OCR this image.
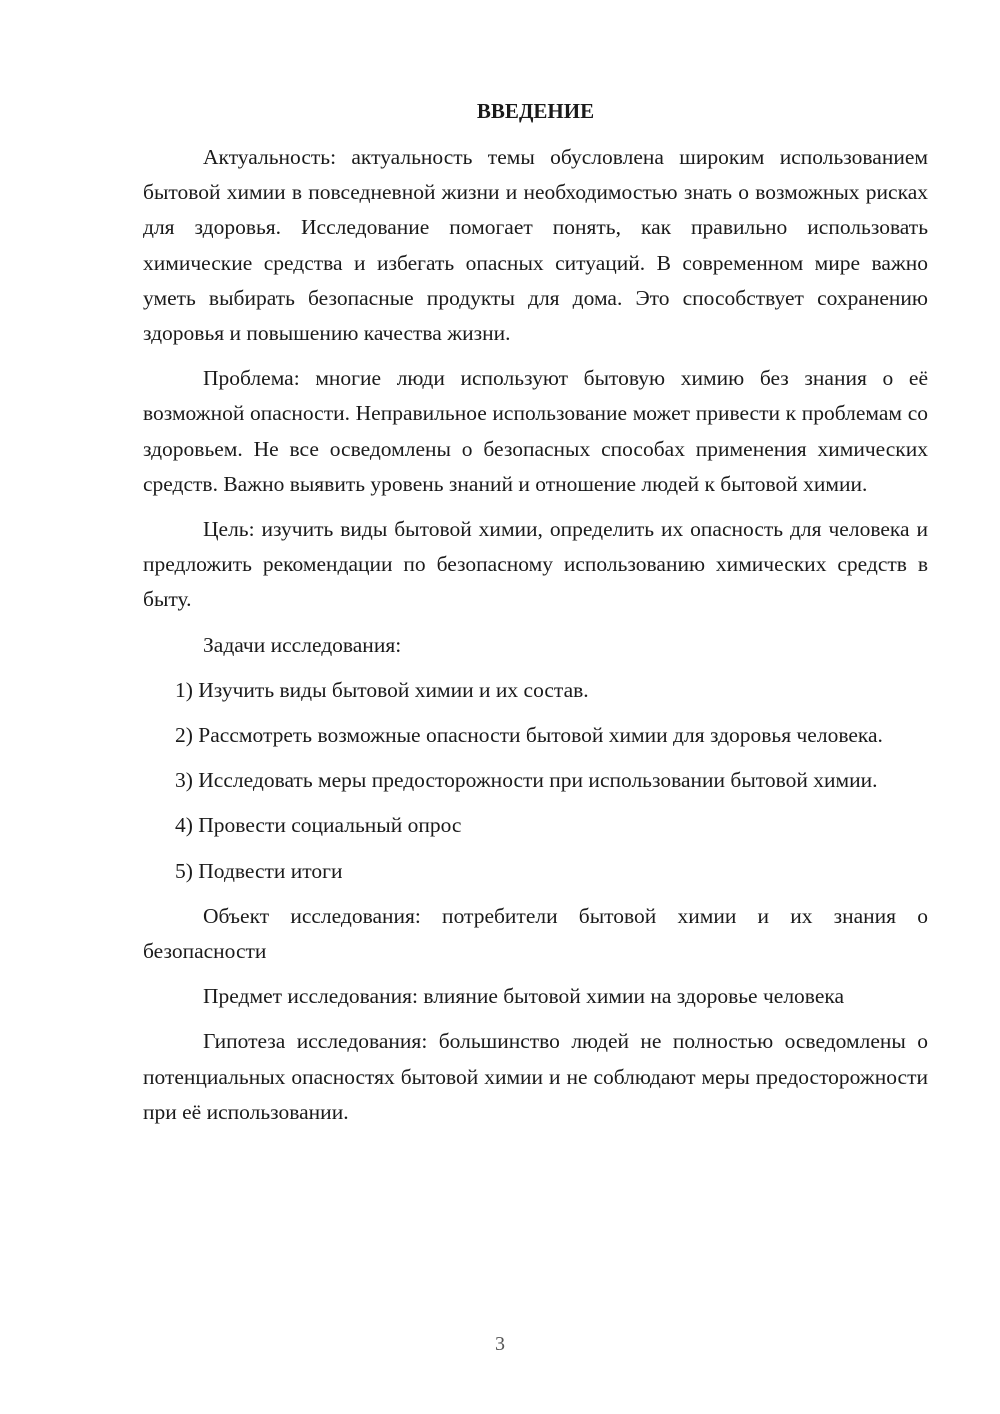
ВВЕДЕНИЕ

Актуальность: актуальность темы обусловлена широким использованием бытовой химии в повседневной жизни и необходимостью знать о возможных рисках для здоровья. Исследование помогает понять, как правильно использовать химические средства и избегать опасных ситуаций. В современном мире важно уметь выбирать безопасные продукты для дома. Это способствует сохранению здоровья и повышению качества жизни.

Проблема: многие люди используют бытовую химию без знания о её возможной опасности. Неправильное использование может привести к проблемам со здоровьем. Не все осведомлены о безопасных способах применения химических средств. Важно выявить уровень знаний и отношение людей к бытовой химии.

Цель: изучить виды бытовой химии, определить их опасность для человека и предложить рекомендации по безопасному использованию химических средств в быту.

Задачи исследования:

1) Изучить виды бытовой химии и их состав.

2) Рассмотреть возможные опасности бытовой химии для здоровья человека.

3) Исследовать меры предосторожности при использовании бытовой химии.

4) Провести социальный опрос

5) Подвести итоги

Объект исследования: потребители бытовой химии и их знания о безопасности

Предмет исследования: влияние бытовой химии на здоровье человека

Гипотеза исследования: большинство людей не полностью осведомлены о потенциальных опасностях бытовой химии и не соблюдают меры предосторожности при её использовании.

3
